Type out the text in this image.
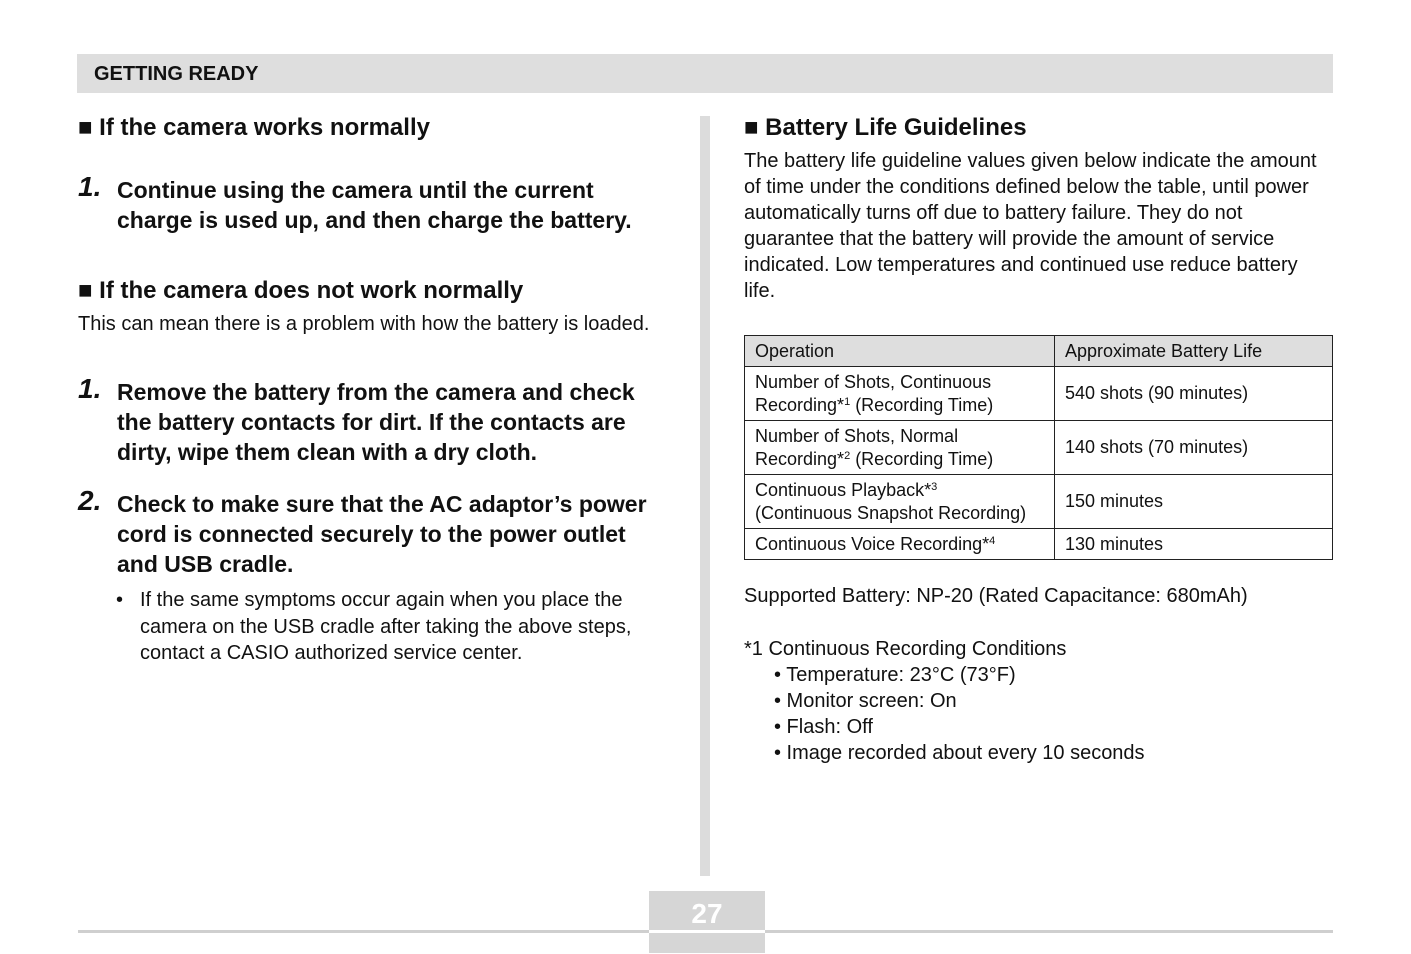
GETTING READY
■ If the camera works normally
1. Continue using the camera until the current charge is used up, and then charge the battery.
■ If the camera does not work normally
This can mean there is a problem with how the battery is loaded.
1. Remove the battery from the camera and check the battery contacts for dirt. If the contacts are dirty, wipe them clean with a dry cloth.
2. Check to make sure that the AC adaptor’s power cord is connected securely to the power outlet and USB cradle.
• If the same symptoms occur again when you place the camera on the USB cradle after taking the above steps, contact a CASIO authorized service center.
■ Battery Life Guidelines
The battery life guideline values given below indicate the amount of time under the conditions defined below the table, until power automatically turns off due to battery failure. They do not guarantee that the battery will provide the amount of service indicated. Low temperatures and continued use reduce battery life.
Operation	Approximate Battery Life
Number of Shots, Continuous
Recording*$^1$ (Recording Time)	540 shots (90 minutes)
Number of Shots, Normal
Recording*$^2$ (Recording Time)	140 shots (70 minutes)
Continuous Playback*$^3$
(Continuous Snapshot Recording)	150 minutes
Continuous Voice Recording*$^4$	130 minutes
Supported Battery: NP-20 (Rated Capacitance: 680mAh)
*1 Continuous Recording Conditions
• Temperature: 23°C (73°F)
• Monitor screen: On
• Flash: Off
• Image recorded about every 10 seconds
27
